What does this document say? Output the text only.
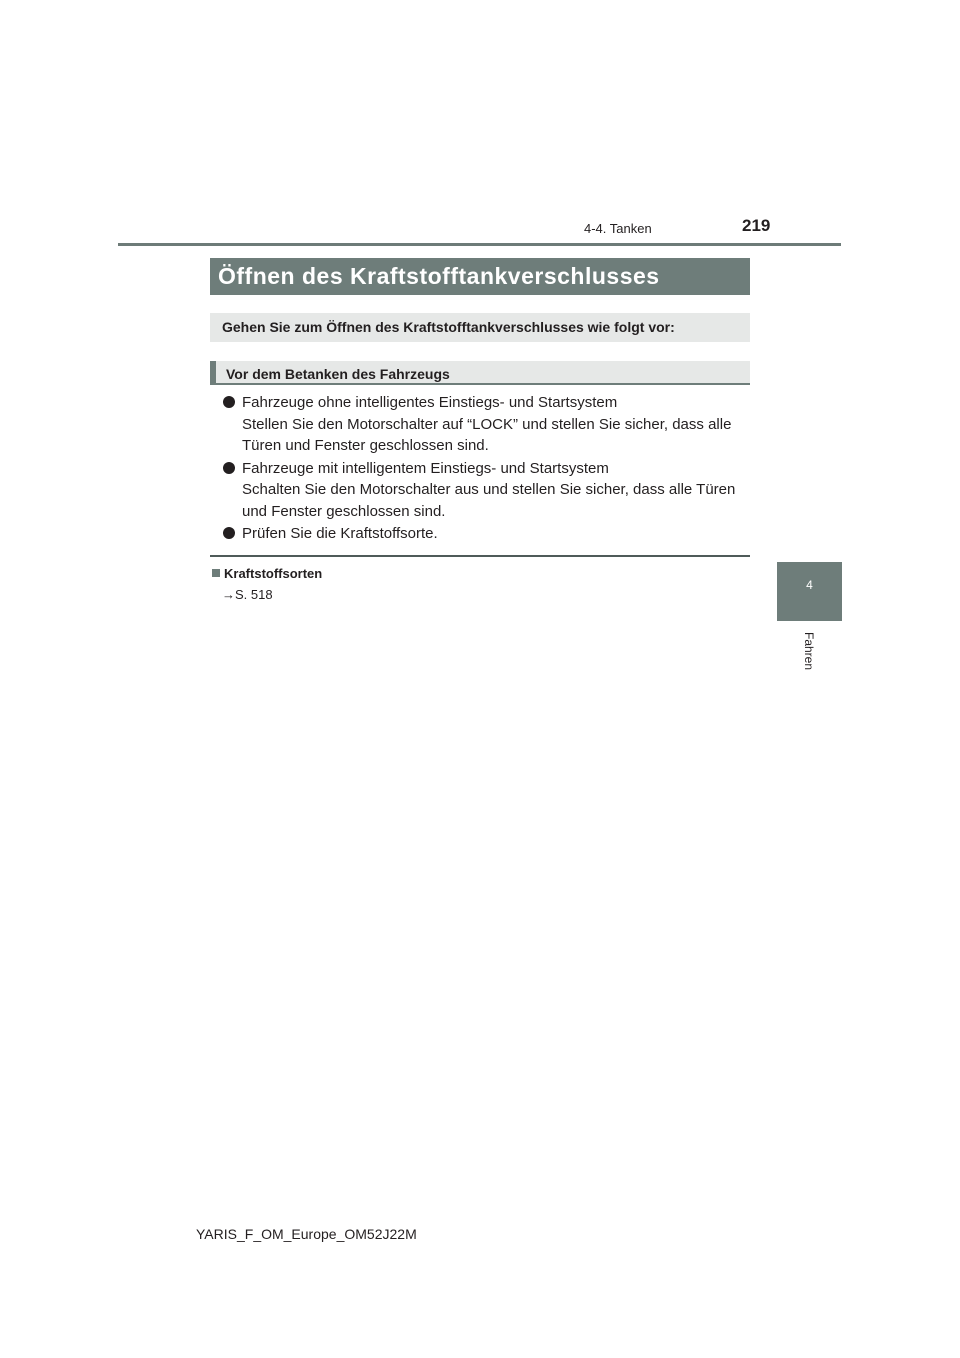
4-4. Tanken	219
Öffnen des Kraftstofftankverschlusses
Gehen Sie zum Öffnen des Kraftstofftankverschlusses wie folgt vor:
Vor dem Betanken des Fahrzeugs
Fahrzeuge ohne intelligentes Einstiegs- und Startsystem
Stellen Sie den Motorschalter auf “LOCK” und stellen Sie sicher, dass alle Türen und Fenster geschlossen sind.
Fahrzeuge mit intelligentem Einstiegs- und Startsystem
Schalten Sie den Motorschalter aus und stellen Sie sicher, dass alle Türen und Fenster geschlossen sind.
Prüfen Sie die Kraftstoffsorte.
Kraftstoffsorten
→S. 518
4
Fahren
YARIS_F_OM_Europe_OM52J22M
